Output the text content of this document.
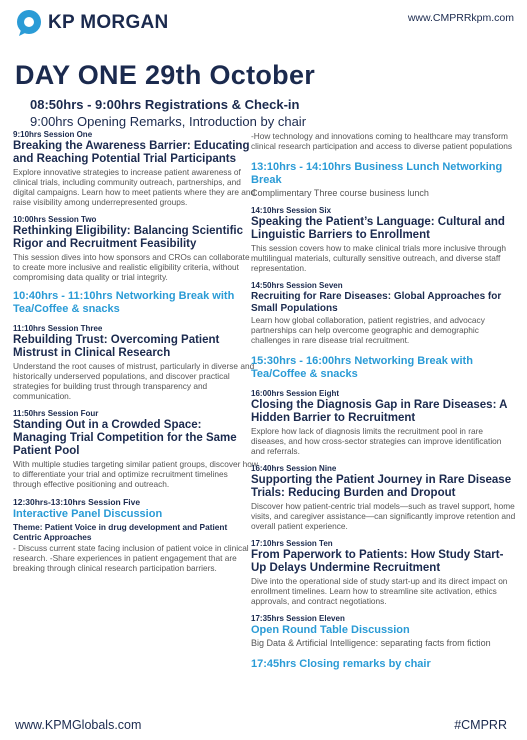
KP MORGAN	www.CMPRRkpm.com
DAY ONE 29th October
08:50hrs - 9:00hrs Registrations & Check-in
9:00hrs Opening Remarks, Introduction by chair
9:10hrs Session One
Breaking the Awareness Barrier: Educating and Reaching Potential Trial Participants
Explore innovative strategies to increase patient awareness of clinical trials, including community outreach, partnerships, and digital campaigns. Learn how to meet patients where they are and raise visibility among underrepresented groups.
10:00hrs Session Two
Rethinking Eligibility: Balancing Scientific Rigor and Recruitment Feasibility
This session dives into how sponsors and CROs can collaborate to create more inclusive and realistic eligibility criteria, without compromising data quality or trial integrity.
10:40hrs - 11:10hrs Networking Break with Tea/Coffee & snacks
11:10hrs Session Three
Rebuilding Trust: Overcoming Patient Mistrust in Clinical Research
Understand the root causes of mistrust, particularly in diverse and historically underserved populations, and discover practical strategies for building trust through transparency and communication.
11:50hrs Session Four
Standing Out in a Crowded Space: Managing Trial Competition for the Same Patient Pool
With multiple studies targeting similar patient groups, discover how to differentiate your trial and optimize recruitment timelines through effective positioning and outreach.
12:30hrs-13:10hrs Session Five
Interactive Panel Discussion
Theme: Patient Voice in drug development and Patient Centric Approaches
- Discuss current state facing inclusion of patient voice in clinical research. -Share experiences in patient engagement that are breaking through clinical research participation barriers.
-How technology and innovations coming to healthcare may transform clinical research participation and access to diverse patient populations
13:10hrs - 14:10hrs Business Lunch Networking Break
Complimentary Three course business lunch
14:10hrs Session Six
Speaking the Patient’s Language: Cultural and Linguistic Barriers to Enrollment
This session covers how to make clinical trials more inclusive through multilingual materials, culturally sensitive outreach, and diverse staff representation.
14:50hrs Session Seven
Recruiting for Rare Diseases: Global Approaches for Small Populations
Learn how global collaboration, patient registries, and advocacy partnerships can help overcome geographic and demographic challenges in rare disease trial recruitment.
15:30hrs - 16:00hrs Networking Break with Tea/Coffee & snacks
16:00hrs Session Eight
Closing the Diagnosis Gap in Rare Diseases: A Hidden Barrier to Recruitment
Explore how lack of diagnosis limits the recruitment pool in rare diseases, and how cross-sector strategies can improve identification and referrals.
16:40hrs Session Nine
Supporting the Patient Journey in Rare Disease Trials: Reducing Burden and Dropout
Discover how patient-centric trial models—such as travel support, home visits, and caregiver assistance—can significantly improve retention and overall patient experience.
17:10hrs Session Ten
From Paperwork to Patients: How Study Start-Up Delays Undermine Recruitment
Dive into the operational side of study start-up and its direct impact on enrollment timelines. Learn how to streamline site activation, ethics approvals, and contract negotiations.
17:35hrs Session Eleven
Open Round Table Discussion
Big Data & Artificial Intelligence: separating facts from fiction
17:45hrs Closing remarks by chair
www.KPMGlobals.com	#CMPRR
